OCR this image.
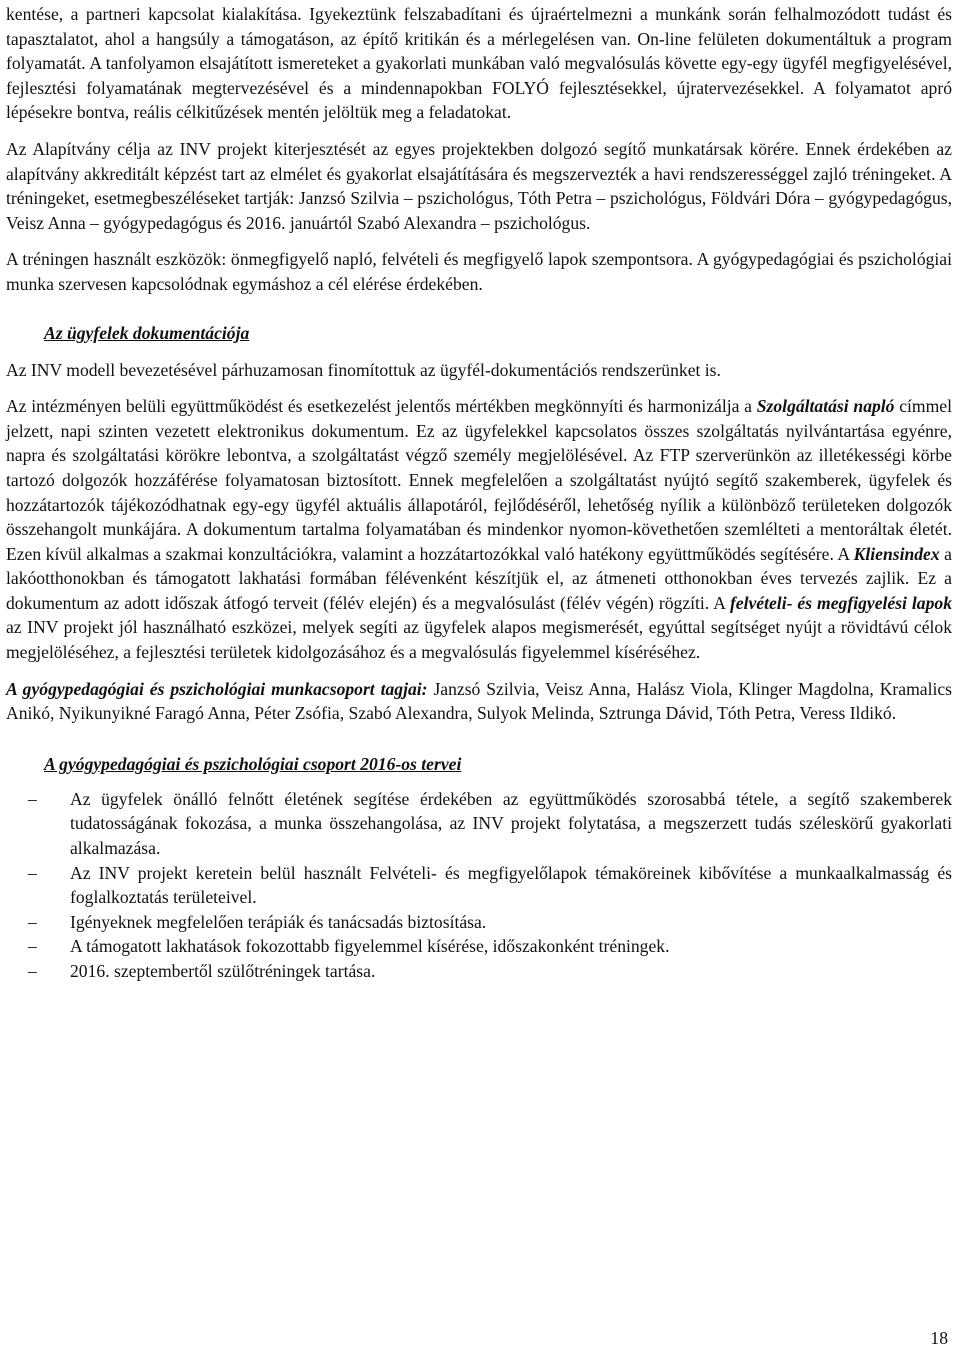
kentése, a partneri kapcsolat kialakítása. Igyekeztünk felszabadítani és újraértelmezni a munkánk során felhalmozódott tudást és tapasztalatot, ahol a hangsúly a támogatáson, az építő kritikán és a mérlegelésen van. On-line felületen dokumentáltuk a program folyamatát. A tanfolyamon elsajátított ismereteket a gyakorlati munkában való megvalósulás követte egy-egy ügyfél megfigyelésével, fejlesztési folyamatának megtervezésével és a mindennapokban FOLYÓ fejlesztésekkel, újratervezésekkel. A folyamatot apró lépésekre bontva, reális célkitűzések mentén jelöltük meg a feladatokat.

Az Alapítvány célja az INV projekt kiterjesztését az egyes projektekben dolgozó segítő munkatársak körére. Ennek érdekében az alapítvány akkreditált képzést tart az elmélet és gyakorlat elsajátítására és megszervezték a havi rendszerességgel zajló tréningeket. A tréningeket, esetmegbeszéléseket tartják: Janzsó Szilvia – pszichológus, Tóth Petra – pszichológus, Földvári Dóra – gyógypedagógus, Veisz Anna – gyógypedagógus és 2016. januártól Szabó Alexandra – pszichológus.

A tréningen használt eszközök: önmegfigyelő napló, felvételi és megfigyelő lapok szempontsora. A gyógypedagógiai és pszichológiai munka szervesen kapcsolódnak egymáshoz a cél elérése érdekében.

Az ügyfelek dokumentációja

Az INV modell bevezetésével párhuzamosan finomítottuk az ügyfél-dokumentációs rendszerünket is.

Az intézményen belüli együttműködést és esetkezelést jelentős mértékben megkönnyíti és harmonizálja a Szolgáltatási napló címmel jelzett, napi szinten vezetett elektronikus dokumentum. Ez az ügyfelekkel kapcsolatos összes szolgáltatás nyilvántartása egyénre, napra és szolgáltatási körökre lebontva, a szolgáltatást végző személy megjelölésével. Az FTP szerverünkön az illetékességi körbe tartozó dolgozók hozzáférése folyamatosan biztosított. Ennek megfelelően a szolgáltatást nyújtó segítő szakemberek, ügyfelek és hozzátartozók tájékozódhatnak egy-egy ügyfél aktuális állapotáról, fejlődéséről, lehetőség nyílik a különböző területeken dolgozók összehangolt munkájára. A dokumentum tartalma folyamatában és mindenkor nyomon-követhetően szemlélteti a mentoráltak életét. Ezen kívül alkalmas a szakmai konzultációkra, valamint a hozzátartozókkal való hatékony együttműködés segítésére. A Kliensindex a lakóotthonokban és támogatott lakhatási formában félévenként készítjük el, az átmeneti otthonokban éves tervezés zajlik. Ez a dokumentum az adott időszak átfogó terveit (félév elején) és a megvalósulást (félév végén) rögzíti. A felvételi- és megfigyelési lapok az INV projekt jól használható eszközei, melyek segíti az ügyfelek alapos megismerését, egyúttal segítséget nyújt a rövidtávú célok megjelöléséhez, a fejlesztési területek kidolgozásához és a megvalósulás figyelemmel kíséréséhez.

A gyógypedagógiai és pszichológiai munkacsoport tagjai: Janzsó Szilvia, Veisz Anna, Halász Viola, Klinger Magdolna, Kramalics Anikó, Nyikunyikné Faragó Anna, Péter Zsófia, Szabó Alexandra, Sulyok Melinda, Sztrunga Dávid, Tóth Petra, Veress Ildikó.

A gyógypedagógiai és pszichológiai csoport 2016-os tervei
– Az ügyfelek önálló felnőtt életének segítése érdekében az együttműködés szorosabbá tétele, a segítő szakemberek tudatosságának fokozása, a munka összehangolása, az INV projekt folytatása, a megszerzett tudás széleskörű gyakorlati alkalmazása.
– Az INV projekt keretein belül használt Felvételi- és megfigyelőlapok témaköreinek kibővítése a munkaalkalmasság és foglalkoztatás területeivel.
– Igényeknek megfelelően terápiák és tanácsadás biztosítása.
– A támogatott lakhatások fokozottabb figyelemmel kísérése, időszakonként tréningek.
– 2016. szeptembertől szülőtréningek tartása.
18
